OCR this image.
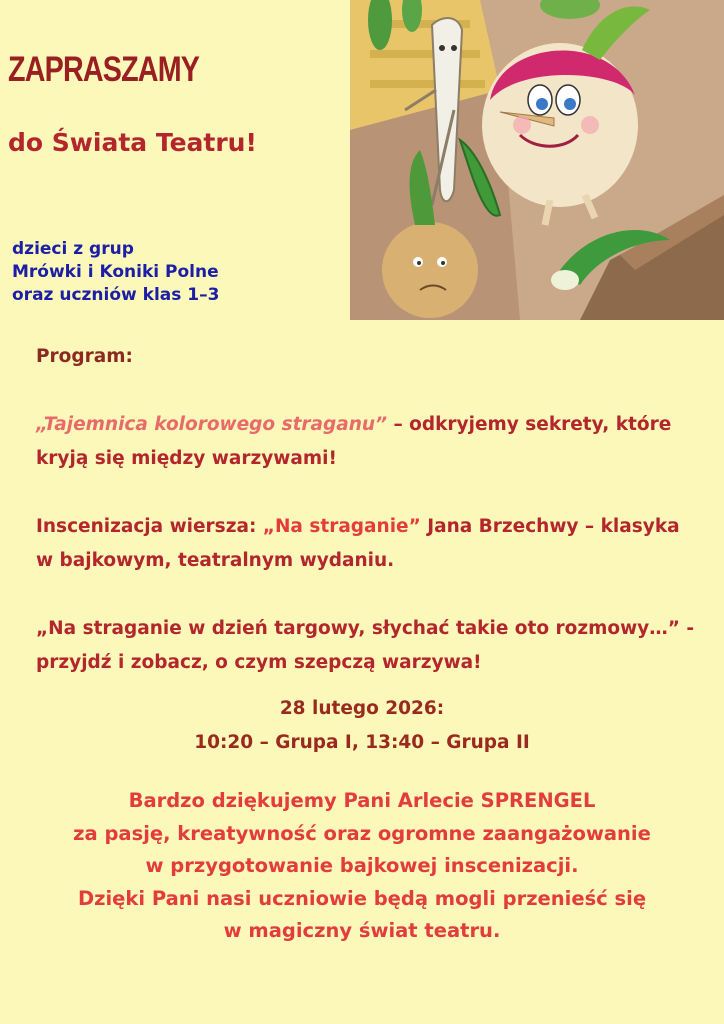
ZAPRASZAMY
do Świata Teatru!
dzieci z grup
Mrówki i Koniki Polne
oraz uczniów klas 1–3

Program:

„Tajemnica kolorowego straganu” – odkryjemy sekrety, które kryją się między warzywami!

Inscenizacja wiersza: „Na straganie” Jana Brzechwy – klasyka w bajkowym, teatralnym wydaniu.

„Na straganie w dzień targowy, słychać takie oto rozmowy…” - przyjdź i zobacz, o czym szepczą warzywa!

28 lutego 2026:
10:20 – Grupa I, 13:40 – Grupa II
Bardzo dziękujemy Pani Arlecie SPRENGEL
za pasję, kreatywność oraz ogromne zaangażowanie
w przygotowanie bajkowej inscenizacji.
Dzięki Pani nasi uczniowie będą mogli przenieść się
w magiczny świat teatru.
